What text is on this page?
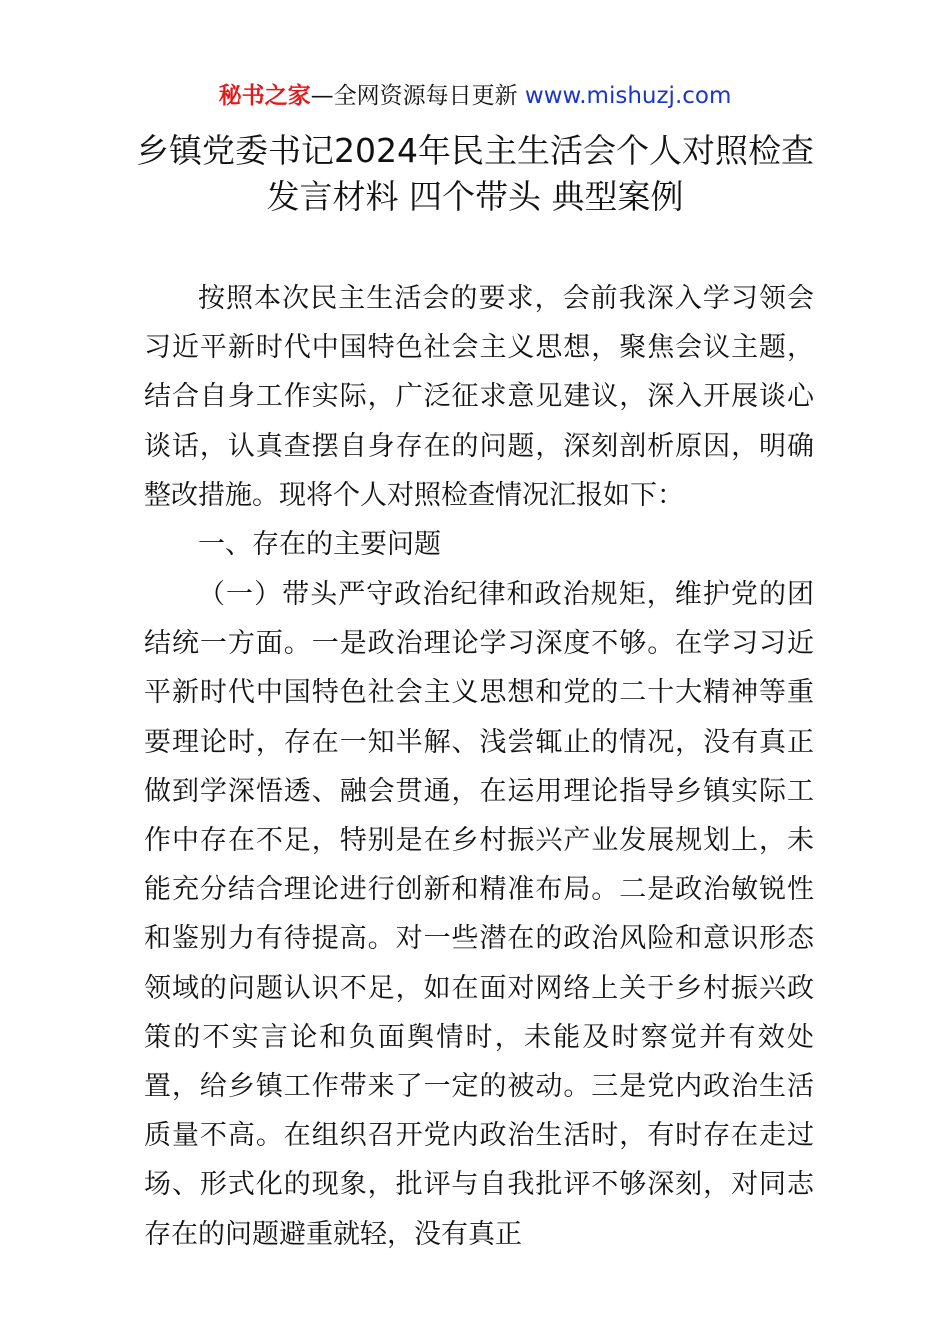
秘书之家—全网资源每日更新 www.mishuzj.com
乡镇党委书记2024年民主生活会个人对照检查
发言材料 四个带头 典型案例

按照本次民主生活会的要求，会前我深入学习领会习近平新时代中国特色社会主义思想，聚焦会议主题，结合自身工作实际，广泛征求意见建议，深入开展谈心谈话，认真查摆自身存在的问题，深刻剖析原因，明确整改措施。现将个人对照检查情况汇报如下：

一、存在的主要问题

（一）带头严守政治纪律和政治规矩，维护党的团结统一方面。一是政治理论学习深度不够。在学习习近平新时代中国特色社会主义思想和党的二十大精神等重要理论时，存在一知半解、浅尝辄止的情况，没有真正做到学深悟透、融会贯通，在运用理论指导乡镇实际工作中存在不足，特别是在乡村振兴产业发展规划上，未能充分结合理论进行创新和精准布局。二是政治敏锐性和鉴别力有待提高。对一些潜在的政治风险和意识形态领域的问题认识不足，如在面对网络上关于乡村振兴政策的不实言论和负面舆情时，未能及时察觉并有效处置，给乡镇工作带来了一定的被动。三是党内政治生活质量不高。在组织召开党内政治生活时，有时存在走过场、形式化的现象，批评与自我批评不够深刻，对同志存在的问题避重就轻，没有真正
